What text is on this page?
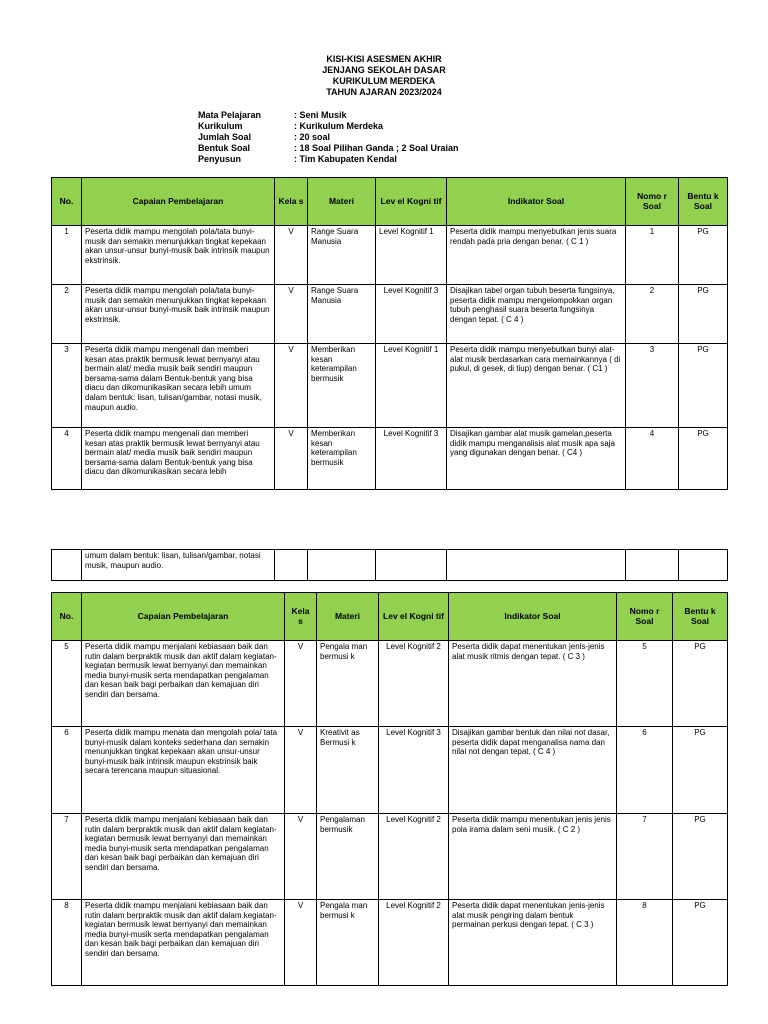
KISI-KISI ASESMEN AKHIR
JENJANG SEKOLAH DASAR
KURIKULUM MERDEKA
TAHUN AJARAN 2023/2024
Mata Pelajaran	: Seni Musik
Kurikulum	: Kurikulum Merdeka
Jumlah Soal	: 20 soal
Bentuk Soal	: 18 Soal Pilihan Ganda ; 2 Soal Uraian
Penyusun	: Tim Kabupaten Kendal
No.	Capaian Pembelajaran	Kela s	Materi	Lev el Kogni tif	Indikator Soal	Nomo r Soal	Bentu k Soal
1	Peserta didik mampu mengolah pola/tata bunyi-musik dan semakin menunjukkan tingkat kepekaan akan unsur-unsur bunyi-musik baik intrinsik maupun ekstrinsik.	V	Range Suara Manusia	Level Kognitif 1	Peserta didik mampu menyebutkan jenis suara rendah pada pria dengan benar. ( C 1 )	1	PG
2	Peserta didik mampu mengolah pola/tata bunyi-musik dan semakin menunjukkan tingkat kepekaan akan unsur-unsur bunyi-musik baik intrinsik maupun ekstrinsik.	V	Range Suara Manusia	Level Kognitif 3	Disajikan tabel organ tubuh beserta fungsinya, peserta didik mampu mengelompokkan organ tubuh penghasil suara beserta fungsinya dengan tepat. ( C 4 )	2	PG
3	Peserta didik mampu mengenali dan memberi kesan atas praktik bermusik lewat bernyanyi atau bermain alat/ media musik baik sendiri maupun bersama-sama dalam Bentuk-bentuk yang bisa diacu dan dikomunikasikan secara lebih umum dalam bentuk: lisan, tulisan/gambar, notasi musik, maupun audio.	V	Memberikan kesan keterampilan bermusik	Level Kognitif 1	Peserta didik mampu menyebutkan bunyi alat-alat musik berdasarkan cara memainkannya ( di pukul, di gesek, di tiup) dengan benar. ( C1 )	3	PG
4	Peserta didik mampu mengenali dan memberi kesan atas praktik bermusik lewat bernyanyi atau bermain alat/ media musik baik sendiri maupun bersama-sama dalam Bentuk-bentuk yang bisa diacu dan dikomunikasikan secara lebih	V	Memberikan kesan keterampilan bermusik	Level Kognitif 3	Disajikan gambar alat musik gamelan,peserta didik mampu menganalisis alat musik apa saja yang digunakan dengan benar. ( C4 )	4	PG
	umum dalam bentuk: lisan, tulisan/gambar, notasi musik, maupun audio.						
No.	Capaian Pembelajaran	Kela s	Materi	Lev el Kogni tif	Indikator Soal	Nomo r Soal	Bentu k Soal
5	Peserta didik mampu menjalani kebiasaan baik dan rutin dalam berpraktik musik dan aktif dalam kegiatan-kegiatan bermusik lewat bernyanyi dan memainkan media bunyi-musik serta mendapatkan pengalaman dan kesan baik bagi perbaikan dan kemajuan diri sendiri dan bersama.	V	Pengala man bermusi k	Level Kognitif 2	Peserta didik dapat menentukan jenis-jenis alat musik ritmis dengan tepat. ( C 3 )	5	PG
6	Peserta didik mampu menata dan mengolah pola/ tata bunyi-musik dalam konteks sederhana dan semakin menunjukkan tingkat kepekaan akan unsur-unsur bunyi-musik baik intrinsik maupun ekstrinsik baik secara terencana maupun situasional.	V	Kreativit as Bermusi k	Level Kognitif 3	Disajikan gambar bentuk dan nilai not dasar, peserta didik dapat menganalisa nama dan nilai not dengan tepat. ( C 4 )	6	PG
7	Peserta didik mampu menjalani kebiasaan baik dan rutin dalam berpraktik musik dan aktif dalam kegiatan-kegiatan bermusik lewat bernyanyi dan memainkan media bunyi-musik serta mendapatkan pengalaman dan kesan baik bagi perbaikan dan kemajuan diri sendiri dan bersama.	V	Pengalaman bermusik	Level Kognitif 2	Peserta didik mampu menentukan jenis jenis pola irama dalam seni musik. ( C 2 )	7	PG
8	Peserta didik mampu menjalani kebiasaan baik dan rutin dalam berpraktik musik dan aktif dalam kegiatan-kegiatan bermusik lewat bernyanyi dan memainkan media bunyi-musik serta mendapatkan pengalaman dan kesan baik bagi perbaikan dan kemajuan diri sendiri dan bersama.	V	Pengala man bermusi k	Level Kognitif 2	Peserta didik dapat menentukan jenis-jenis alat musik pengiring dalam bentuk permainan perkusi dengan tepat. ( C 3 )	8	PG
